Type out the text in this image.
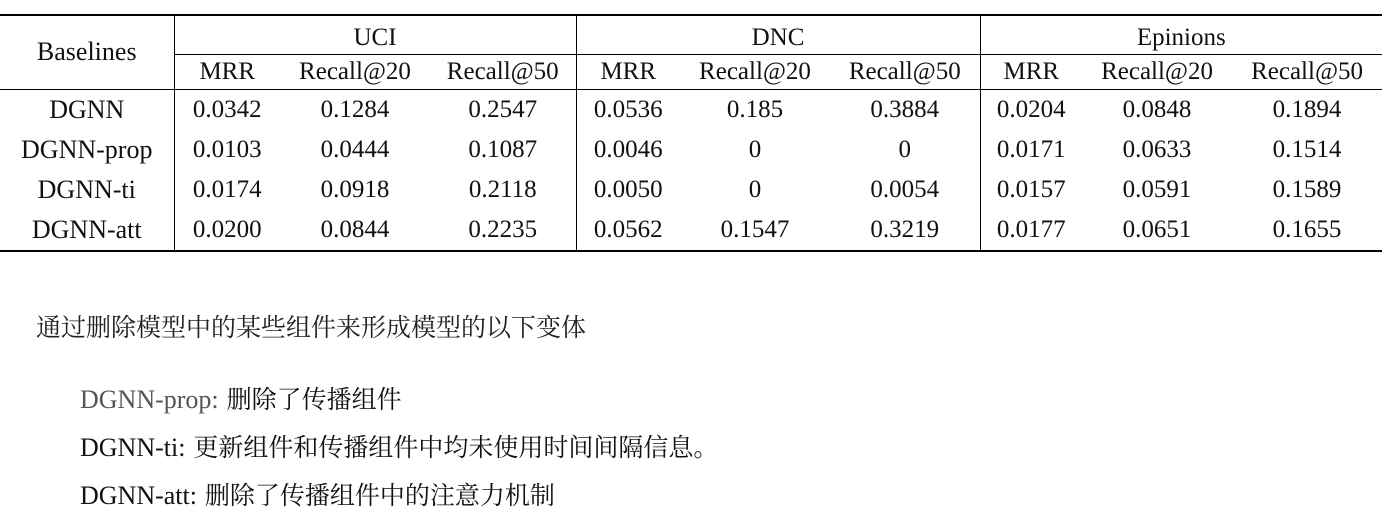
Baselines	UCI			DNC			Epinions		
	MRR	Recall@20	Recall@50	MRR	Recall@20	Recall@50	MRR	Recall@20	Recall@50
DGNN	0.0342	0.1284	0.2547	0.0536	0.185	0.3884	0.0204	0.0848	0.1894
DGNN-prop	0.0103	0.0444	0.1087	0.0046	0	0	0.0171	0.0633	0.1514
DGNN-ti	0.0174	0.0918	0.2118	0.0050	0	0.0054	0.0157	0.0591	0.1589
DGNN-att	0.0200	0.0844	0.2235	0.0562	0.1547	0.3219	0.0177	0.0651	0.1655

通过删除模型中的某些组件来形成模型的以下变体

DGNN-prop: 删除了传播组件
DGNN-ti: 更新组件和传播组件中均未使用时间间隔信息。
DGNN-att: 删除了传播组件中的注意力机制
